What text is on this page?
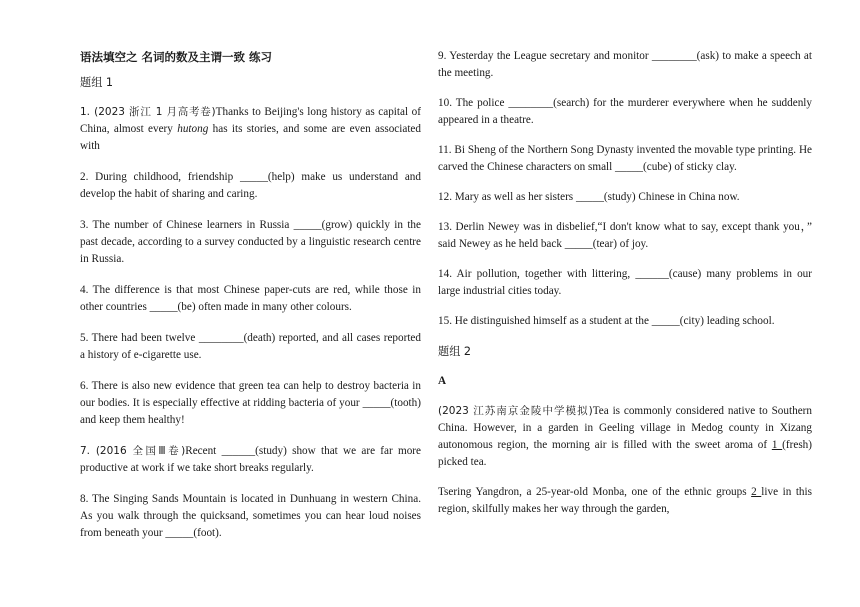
语法填空之 名词的数及主谓一致 练习
题组 1

1. (2023 浙江 1 月高考卷)Thanks to Beijing's long history as capital of China, almost every hutong has its stories, and some are even associated with

2. During childhood, friendship _____(help) make us understand and develop the habit of sharing and caring.

3. The number of Chinese learners in Russia _____(grow) quickly in the past decade, according to a survey conducted by a linguistic research centre in Russia.

4. The difference is that most Chinese paper-cuts are red, while those in other countries _____(be) often made in many other colours.

5. There had been twelve ________(death) reported, and all cases reported a history of e-cigarette use.

6. There is also new evidence that green tea can help to destroy bacteria in our bodies. It is especially effective at ridding bacteria of your _____(tooth) and keep them healthy!

7. (2016 全国Ⅲ卷)Recent ______(study) show that we are far more productive at work if we take short breaks regularly.

8. The Singing Sands Mountain is located in Dunhuang in western China. As you walk through the quicksand, sometimes you can hear loud noises from beneath your _____(foot).

9. Yesterday the League secretary and monitor ________(ask) to make a speech at the meeting.

10. The police ________(search) for the murderer everywhere when he suddenly appeared in a theatre.

11. Bi Sheng of the Northern Song Dynasty invented the movable type printing. He carved the Chinese characters on small _____(cube) of sticky clay.

12. Mary as well as her sisters _____(study) Chinese in China now.

13. Derlin Newey was in disbelief,“I don't know what to say, except thank you，” said Newey as he held back _____(tear) of joy.

14. Air pollution, together with littering, ______(cause) many problems in our large industrial cities today.

15. He distinguished himself as a student at the _____(city) leading school.

题组 2
A

(2023 江苏南京金陵中学模拟)Tea is commonly considered native to Southern China. However, in a garden in Geeling village in Medog county in Xizang autonomous region, the morning air is filled with the sweet aroma of 1 (fresh) picked tea.

Tsering Yangdron, a 25-year-old Monba, one of the ethnic groups 2 live in this region, skilfully makes her way through the garden,
